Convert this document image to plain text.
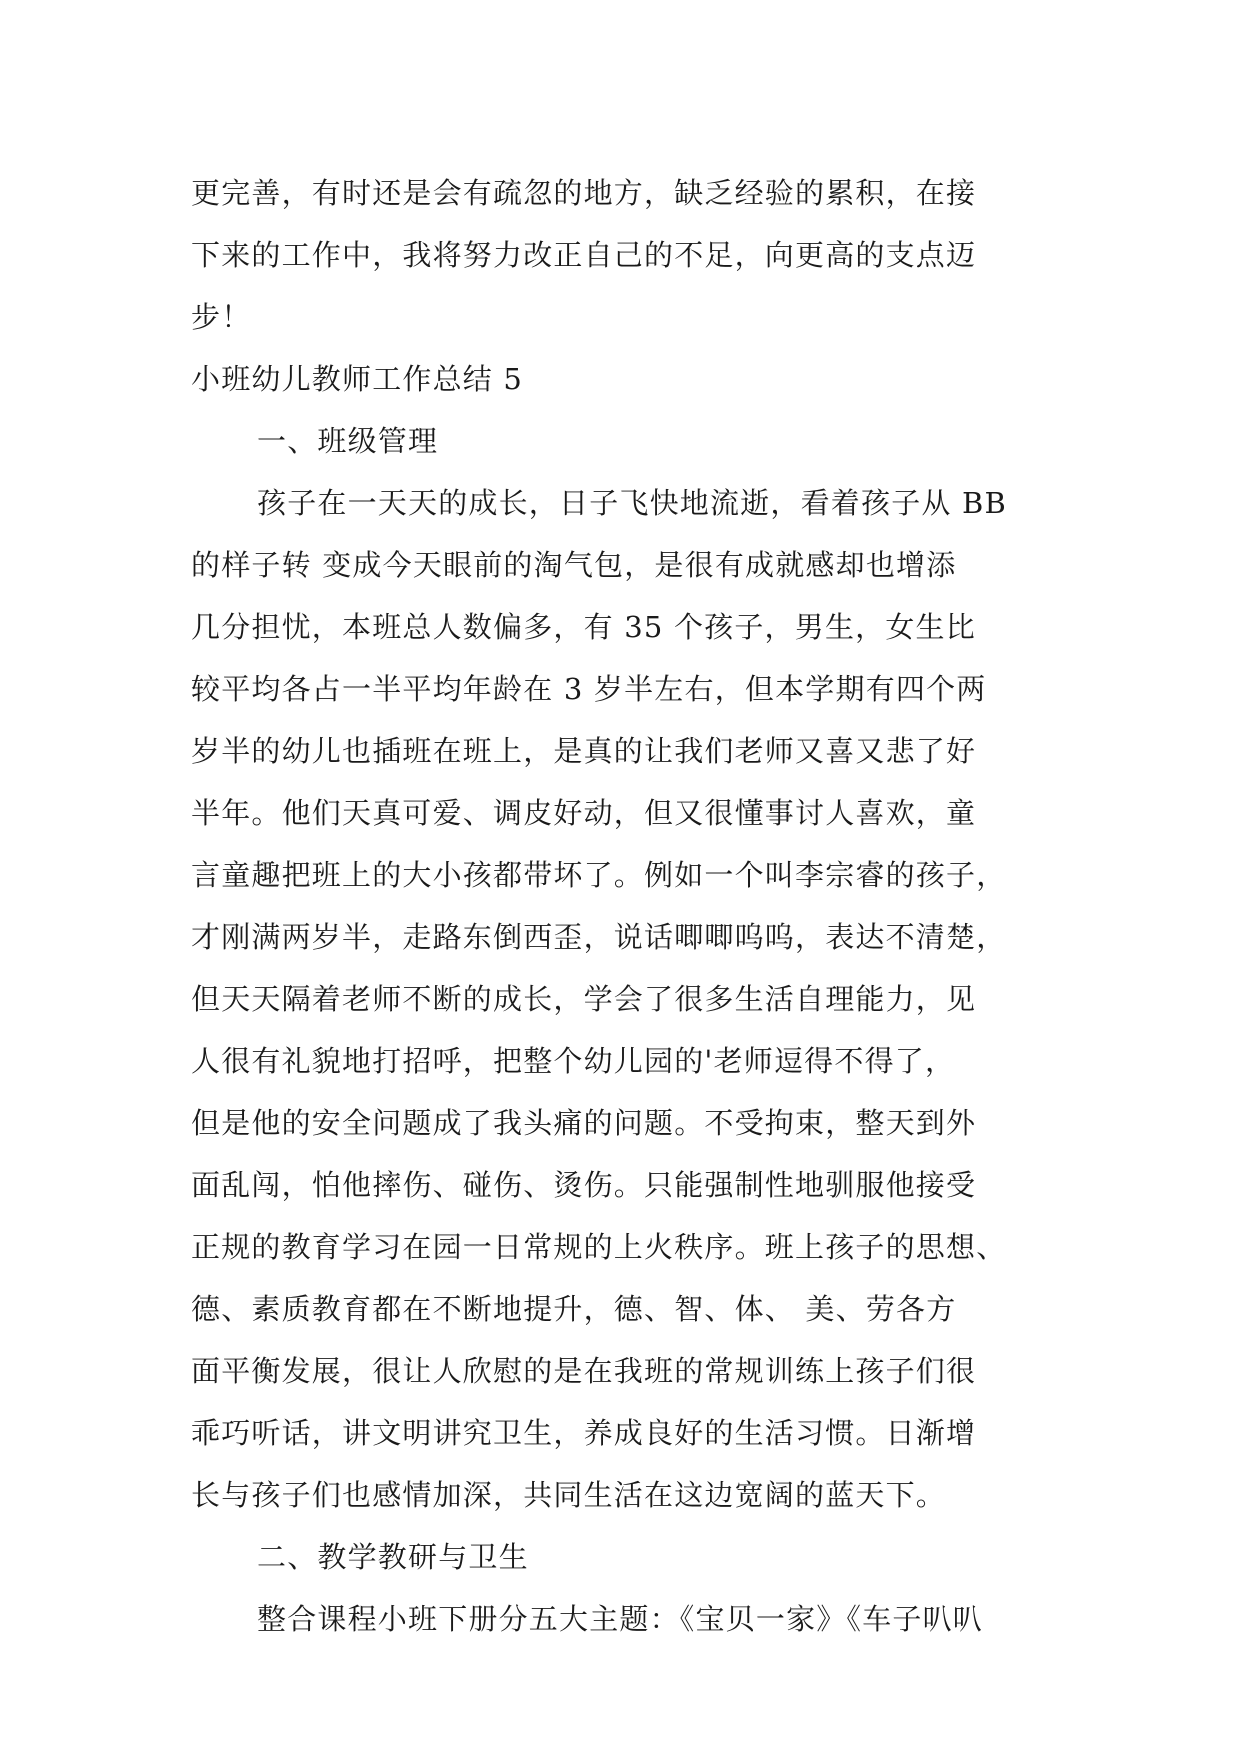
更完善，有时还是会有疏忽的地方，缺乏经验的累积，在接
下来的工作中，我将努力改正自己的不足，向更高的支点迈
步！
小班幼儿教师工作总结 5
一、班级管理
孩子在一天天的成长，日子飞快地流逝，看着孩子从 BB
的样子转 变成今天眼前的淘气包，是很有成就感却也增添
几分担忧，本班总人数偏多，有 35 个孩子，男生，女生比
较平均各占一半平均年龄在 3 岁半左右，但本学期有四个两
岁半的幼儿也插班在班上，是真的让我们老师又喜又悲了好
半年。他们天真可爱、调皮好动，但又很懂事讨人喜欢，童
言童趣把班上的大小孩都带坏了。例如一个叫李宗睿的孩子，
才刚满两岁半，走路东倒西歪，说话唧唧呜呜，表达不清楚，
但天天隔着老师不断的成长，学会了很多生活自理能力，见
人很有礼貌地打招呼，把整个幼儿园的'老师逗得不得了，
但是他的安全问题成了我头痛的问题。不受拘束，整天到外
面乱闯，怕他摔伤、碰伤、烫伤。只能强制性地驯服他接受
正规的教育学习在园一日常规的上火秩序。班上孩子的思想、
德、素质教育都在不断地提升，德、智、体、 美、劳各方
面平衡发展，很让人欣慰的是在我班的常规训练上孩子们很
乖巧听话，讲文明讲究卫生，养成良好的生活习惯。日渐增
长与孩子们也感情加深，共同生活在这边宽阔的蓝天下。
二、教学教研与卫生
整合课程小班下册分五大主题：《宝贝一家》《车子叭叭
